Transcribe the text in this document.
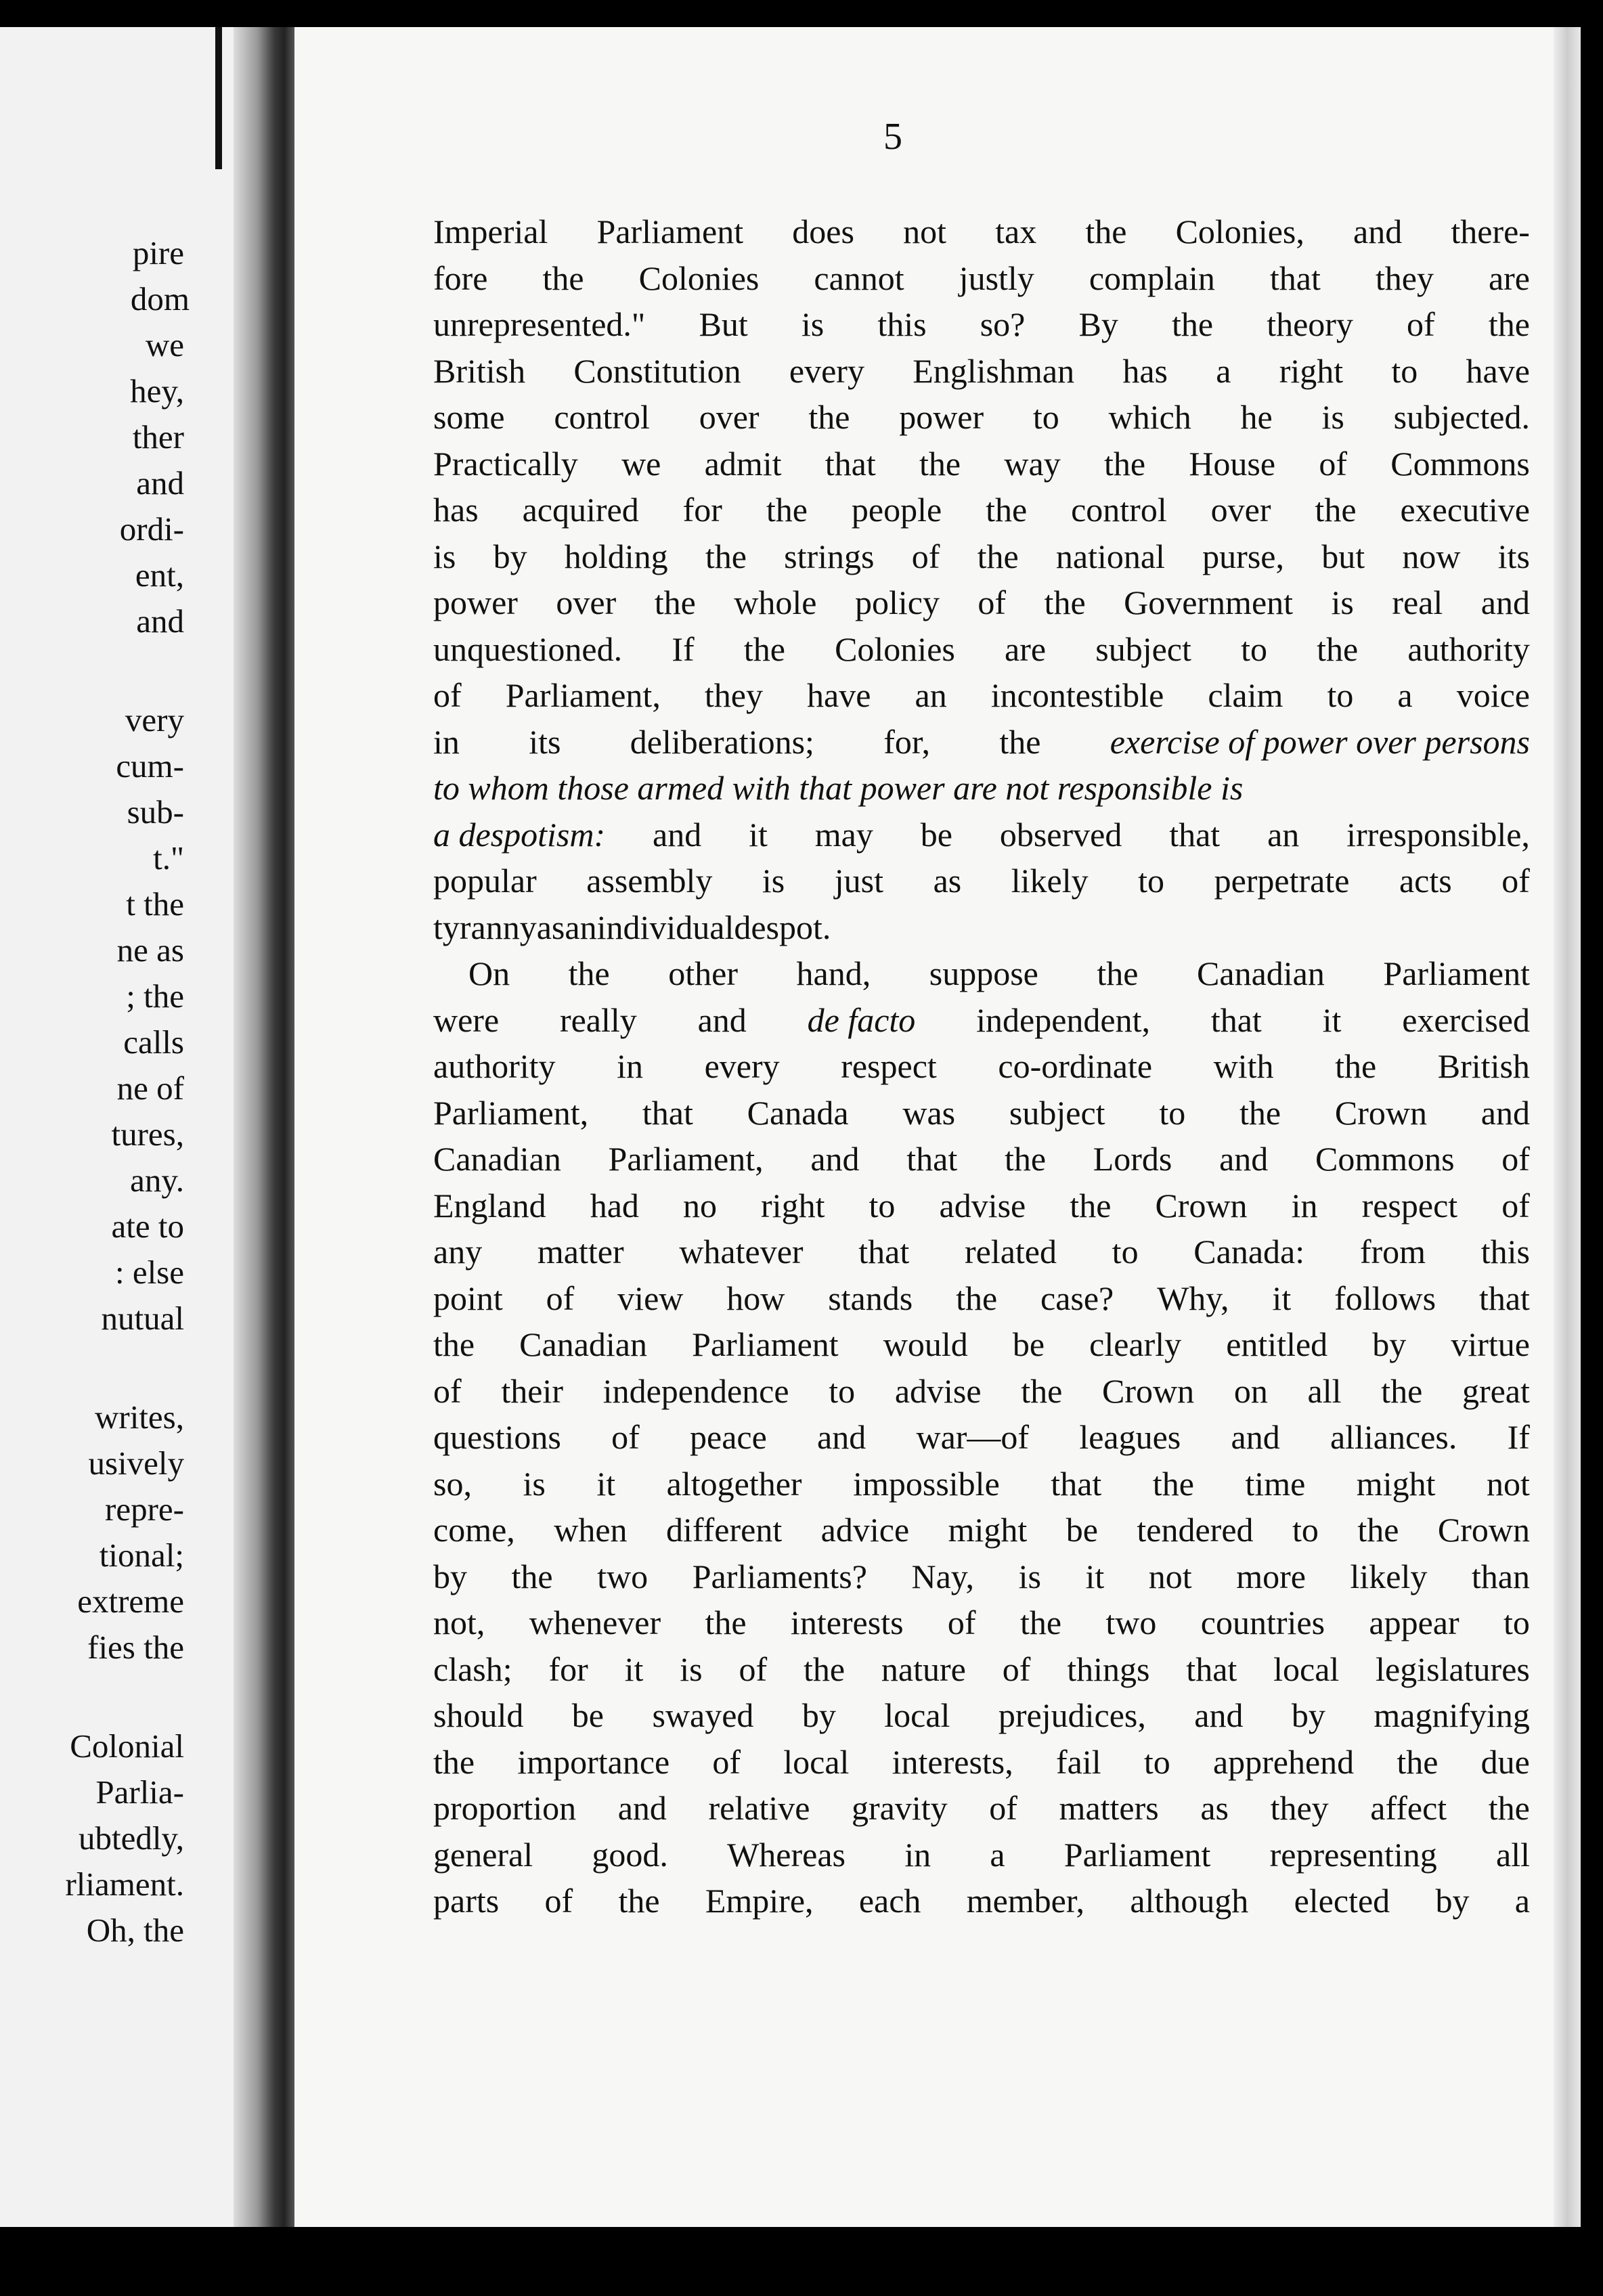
pire
dom
we
hey,
ther
and
ordi-
ent,
and
very
cum-
sub-
t."
t the
ne as
; the
calls
ne of
tures,
any.
ate to
: else
nutual
writes,
usively
repre-
tional;
extreme
fies the
Colonial
Parlia-
ubtedly,
rliament.
Oh, the
5
Imperial Parliament does not tax the Colonies, and there-
fore the Colonies cannot justly complain that they are
unrepresented." But is this so? By the theory of the
British Constitution every Englishman has a right to have
some control over the power to which he is subjected.
Practically we admit that the way the House of Commons
has acquired for the people the control over the executive
is by holding the strings of the national purse, but now its
power over the whole policy of the Government is real and
unquestioned. If the Colonies are subject to the authority
of Parliament, they have an incontestible claim to a voice
in its deliberations; for, the exercise of power over persons
to whom those armed with that power are not responsible is
a despotism: and it may be observed that an irresponsible,
popular assembly is just as likely to perpetrate acts of
tyranny as an individual despot.
On the other hand, suppose the Canadian Parliament
were really and de facto independent, that it exercised
authority in every respect co-ordinate with the British
Parliament, that Canada was subject to the Crown and
Canadian Parliament, and that the Lords and Commons of
England had no right to advise the Crown in respect of
any matter whatever that related to Canada: from this
point of view how stands the case? Why, it follows that
the Canadian Parliament would be clearly entitled by virtue
of their independence to advise the Crown on all the great
questions of peace and war—of leagues and alliances. If
so, is it altogether impossible that the time might not
come, when different advice might be tendered to the Crown
by the two Parliaments? Nay, is it not more likely than
not, whenever the interests of the two countries appear to
clash; for it is of the nature of things that local legislatures
should be swayed by local prejudices, and by magnifying
the importance of local interests, fail to apprehend the due
proportion and relative gravity of matters as they affect the
general good. Whereas in a Parliament representing all
parts of the Empire, each member, although elected by a
